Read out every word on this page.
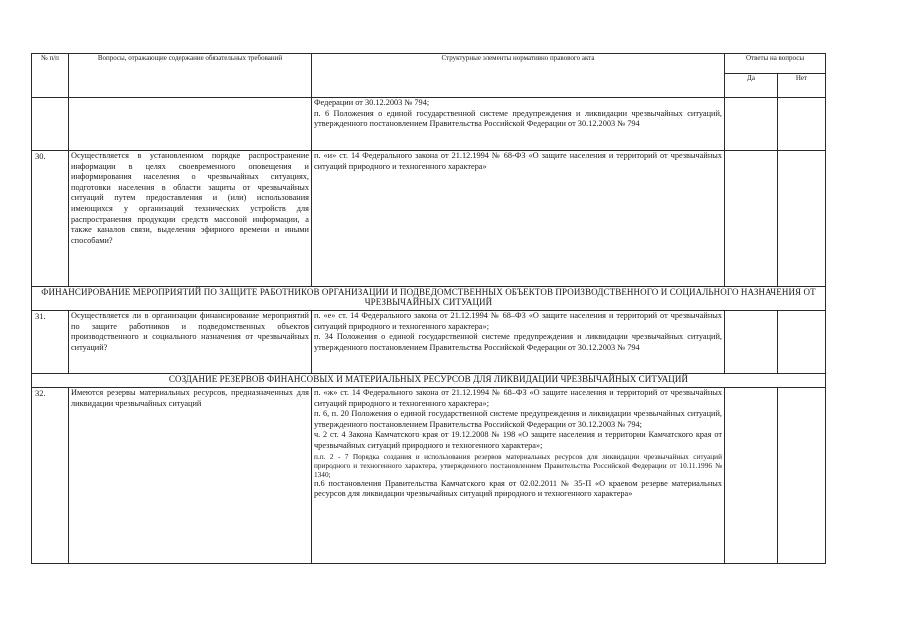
№ п/п	Вопросы, отражающие содержание обязательных требований	Структурные элементы нормативно правового акта	Ответы на вопросы	
			Да	Нет

		Федерации от 30.12.2003 № 794;
п. 6 Положения о единой государственной системе предупреждения и ликвидации чрезвычайных ситуаций, утвержденного постановлением Правительства Российской Федерации от 30.12.2003 № 794		

30.	Осуществляется в установленном порядке распространение информации в целях своевременного оповещения и информирования населения о чрезвычайных ситуациях, подготовки населения в области защиты от чрезвычайных ситуаций путем предоставления и (или) использования имеющихся у организаций технических устройств для распространения продукции средств массовой информации, а также каналов связи, выделения эфирного времени и иными способами?	п. «и» ст. 14 Федерального закона от 21.12.1994 № 68-ФЗ «О защите населения и территорий от чрезвычайных ситуаций природного и техногенного характера»		
ФИНАНСИРОВАНИЕ МЕРОПРИЯТИЙ ПО ЗАЩИТЕ РАБОТНИКОВ ОРГАНИЗАЦИИ И ПОДВЕДОМСТВЕННЫХ ОБЪЕКТОВ ПРОИЗВОДСТВЕННОГО И СОЦИАЛЬНОГО НАЗНАЧЕНИЯ ОТ ЧРЕЗВЫЧАЙНЫХ СИТУАЦИЙ				
31.	Осуществляется ли в организации финансирование мероприятий по защите работников и подведомственных объектов производственного и социального назначения от чрезвычайных ситуаций?	п. «е» ст. 14 Федерального закона от 21.12.1994 № 68–ФЗ «О защите населения и территорий от чрезвычайных ситуаций природного и техногенного характера»;
п. 34 Положения о единой государственной системе предупреждения и ликвидации чрезвычайных ситуаций, утвержденного постановлением Правительства Российской Федерации от 30.12.2003 № 794		

СОЗДАНИЕ РЕЗЕРВОВ ФИНАНСОВЫХ И МАТЕРИАЛЬНЫХ РЕСУРСОВ ДЛЯ ЛИКВИДАЦИИ ЧРЕЗВЫЧАЙНЫХ СИТУАЦИЙ				
32.	Имеются резервы материальных ресурсов, предназначенных для ликвидации чрезвычайных ситуаций	п. «ж» ст. 14 Федерального закона от 21.12.1994 № 68–ФЗ «О защите населения и территорий от чрезвычайных ситуаций природного и техногенного характера»;
п. 6, п. 20 Положения о единой государственной системе предупреждения и ликвидации чрезвычайных ситуаций, утвержденного постановлением Правительства Российской Федерации от 30.12.2003 № 794;
ч. 2 ст. 4 Закона Камчатского края от 19.12.2008 № 198 «О защите населения и территории Камчатского края от чрезвычайных ситуаций природного и техногенного характера»;
п.п. 2 - 7 Порядка создания и использования резервов материальных ресурсов для ликвидации чрезвычайных ситуаций природного и техногенного характера, утвержденного постановлением Правительства Российской Федерации от 10.11.1996 № 1340;
п.6 постановления Правительства Камчатского края от 02.02.2011 № 35-П «О краевом резерве материальных ресурсов для ликвидации чрезвычайных ситуаций природного и техногенного характера»		
